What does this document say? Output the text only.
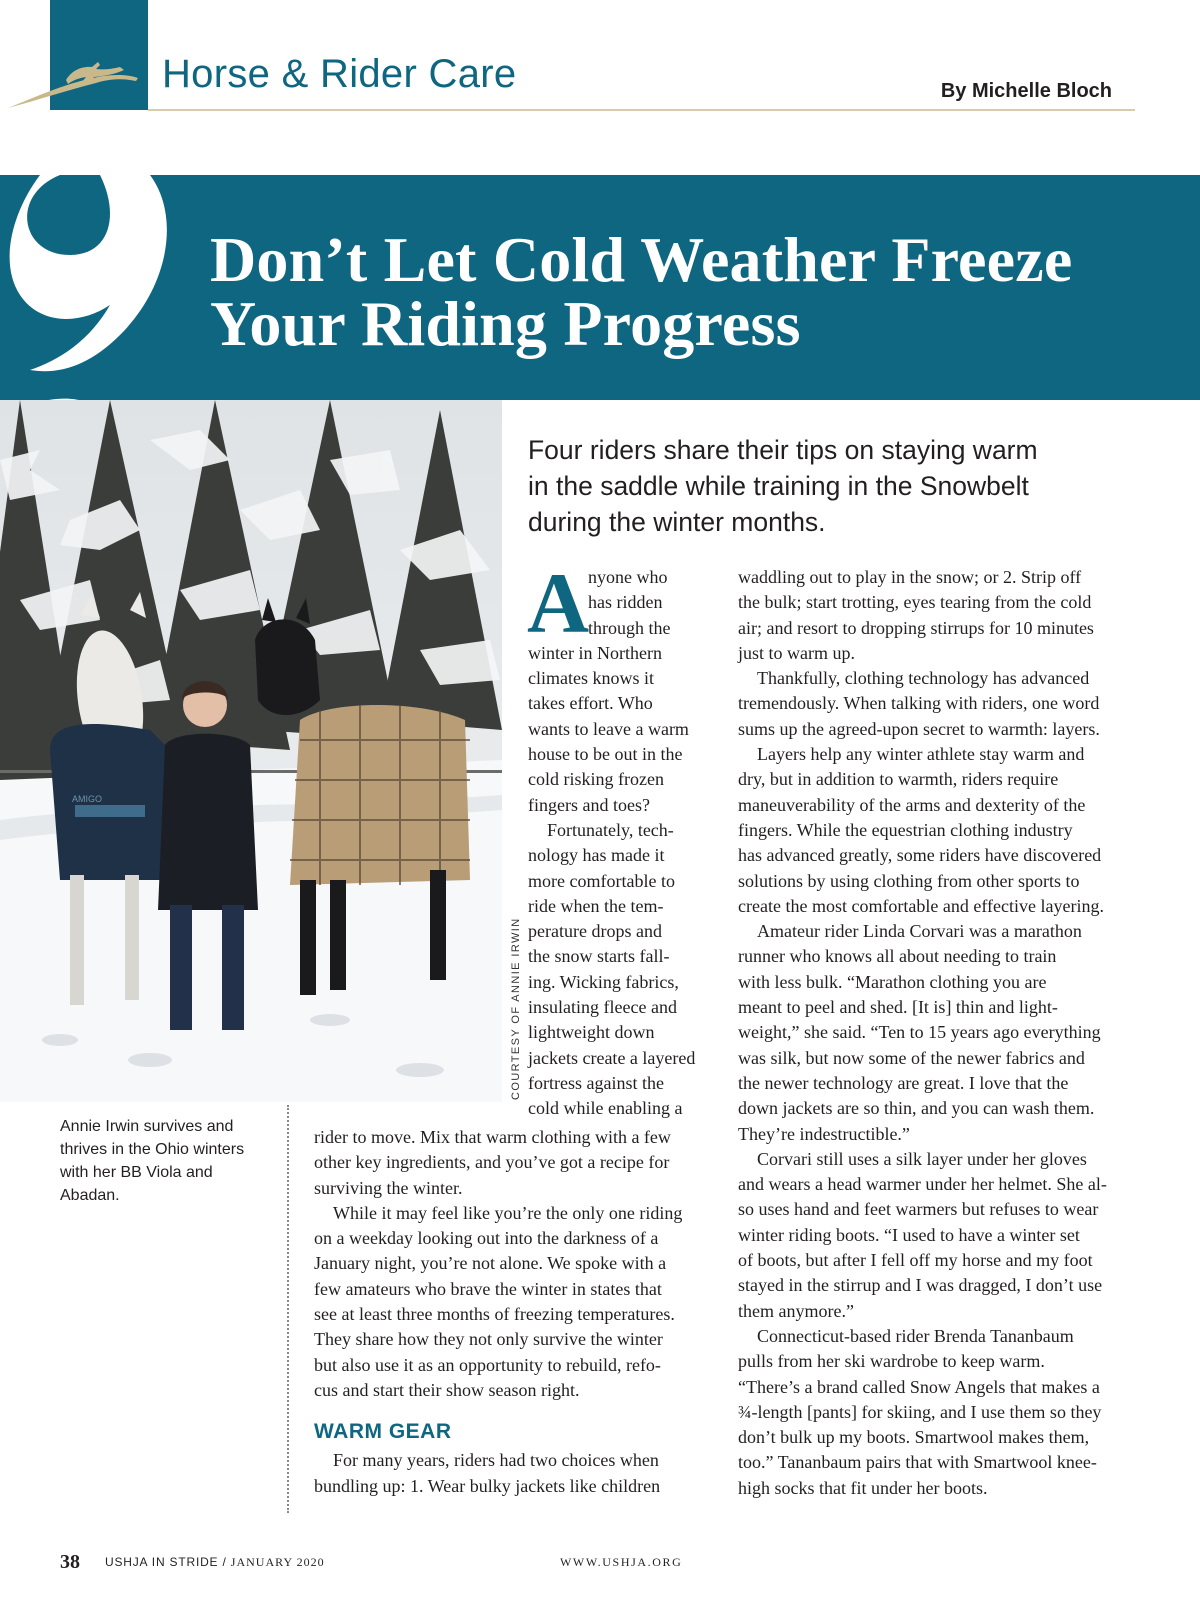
Horse & Rider Care	By Michelle Bloch
Don’t Let Cold Weather Freeze
Your Riding Progress
AMIGO
COURTESY OF ANNIE IRWIN
Annie Irwin survives and thrives in the Ohio winters with her BB Viola and Abadan.
Four riders share their tips on staying warm
in the saddle while training in the Snowbelt
during the winter months.
A
nyone who
has ridden
through the
winter in Northern
climates knows it
takes effort. Who
wants to leave a warm
house to be out in the
cold risking frozen
fingers and toes?
Fortunately, tech-
nology has made it
more comfortable to
ride when the tem-
perature drops and
the snow starts fall-
ing. Wicking fabrics,
insulating fleece and
lightweight down
jackets create a layered
fortress against the
cold while enabling a
rider to move. Mix that warm clothing with a few
other key ingredients, and you’ve got a recipe for
surviving the winter.
While it may feel like you’re the only one riding
on a weekday looking out into the darkness of a
January night, you’re not alone. We spoke with a
few amateurs who brave the winter in states that
see at least three months of freezing temperatures.
They share how they not only survive the winter
but also use it as an opportunity to rebuild, refo-
cus and start their show season right.
WARM GEAR
For many years, riders had two choices when
bundling up: 1. Wear bulky jackets like children
waddling out to play in the snow; or 2. Strip off
the bulk; start trotting, eyes tearing from the cold
air; and resort to dropping stirrups for 10 minutes
just to warm up.
Thankfully, clothing technology has advanced
tremendously. When talking with riders, one word
sums up the agreed-upon secret to warmth: layers.
Layers help any winter athlete stay warm and
dry, but in addition to warmth, riders require
maneuverability of the arms and dexterity of the
fingers. While the equestrian clothing industry
has advanced greatly, some riders have discovered
solutions by using clothing from other sports to
create the most comfortable and effective layering.
Amateur rider Linda Corvari was a marathon
runner who knows all about needing to train
with less bulk. “Marathon clothing you are
meant to peel and shed. [It is] thin and light-
weight,” she said. “Ten to 15 years ago everything
was silk, but now some of the newer fabrics and
the newer technology are great. I love that the
down jackets are so thin, and you can wash them.
They’re indestructible.”
Corvari still uses a silk layer under her gloves
and wears a head warmer under her helmet. She al-
so uses hand and feet warmers but refuses to wear
winter riding boots. “I used to have a winter set
of boots, but after I fell off my horse and my foot
stayed in the stirrup and I was dragged, I don’t use
them anymore.”
Connecticut-based rider Brenda Tananbaum
pulls from her ski wardrobe to keep warm.
“There’s a brand called Snow Angels that makes a
¾-length [pants] for skiing, and I use them so they
don’t bulk up my boots. Smartwool makes them,
too.” Tananbaum pairs that with Smartwool knee-
high socks that fit under her boots.
38 USHJA IN STRIDE / JANUARY 2020	WWW.USHJA.ORG
